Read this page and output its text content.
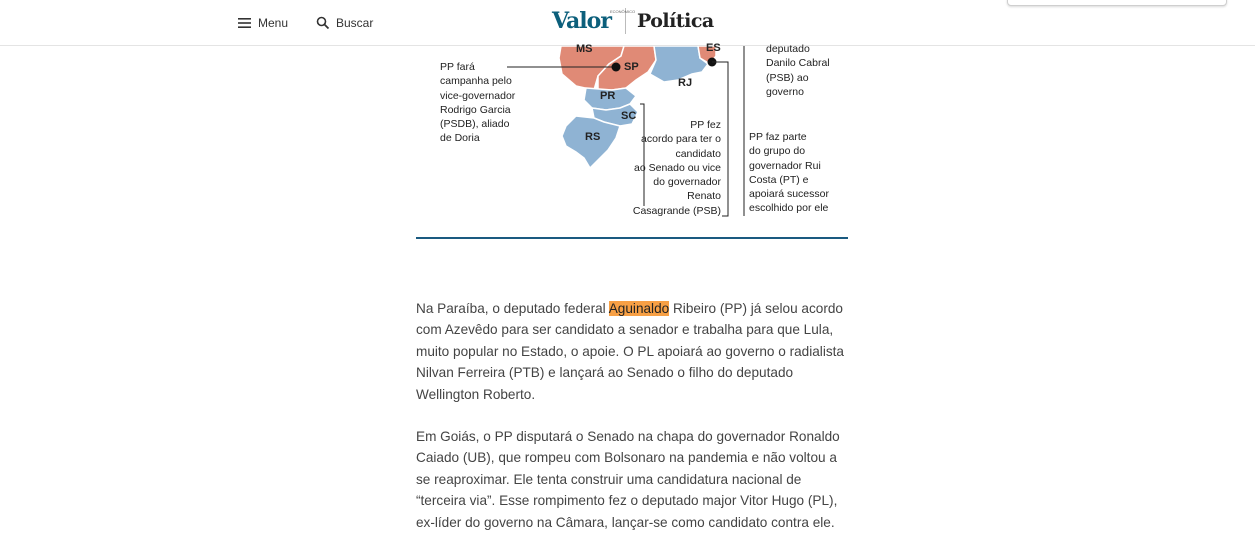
Menu	Buscar	Valor ECONÔMICO Política
MS
SP
ES
PR
RJ
SC
RS
PP fará
campanha pelo
vice-governador
Rodrigo Garcia
(PSDB), aliado
de Doria
deputado
Danilo Cabral
(PSB) ao
governo
PP fez
acordo para ter o
candidato
ao Senado ou vice
do governador
Renato
Casagrande (PSB)
PP faz parte
do grupo do
governador Rui
Costa (PT) e
apoiará sucessor
escolhido por ele

Na Paraíba, o deputado federal Aguinaldo Ribeiro (PP) já selou acordo com Azevêdo para ser candidato a senador e trabalha para que Lula, muito popular no Estado, o apoie. O PL apoiará ao governo o radialista Nilvan Ferreira (PTB) e lançará ao Senado o filho do deputado Wellington Roberto.

Em Goiás, o PP disputará o Senado na chapa do governador Ronaldo Caiado (UB), que rompeu com Bolsonaro na pandemia e não voltou a se reaproximar. Ele tenta construir uma candidatura nacional de “terceira via”. Esse rompimento fez o deputado major Vitor Hugo (PL), ex-líder do governo na Câmara, lançar-se como candidato contra ele.
